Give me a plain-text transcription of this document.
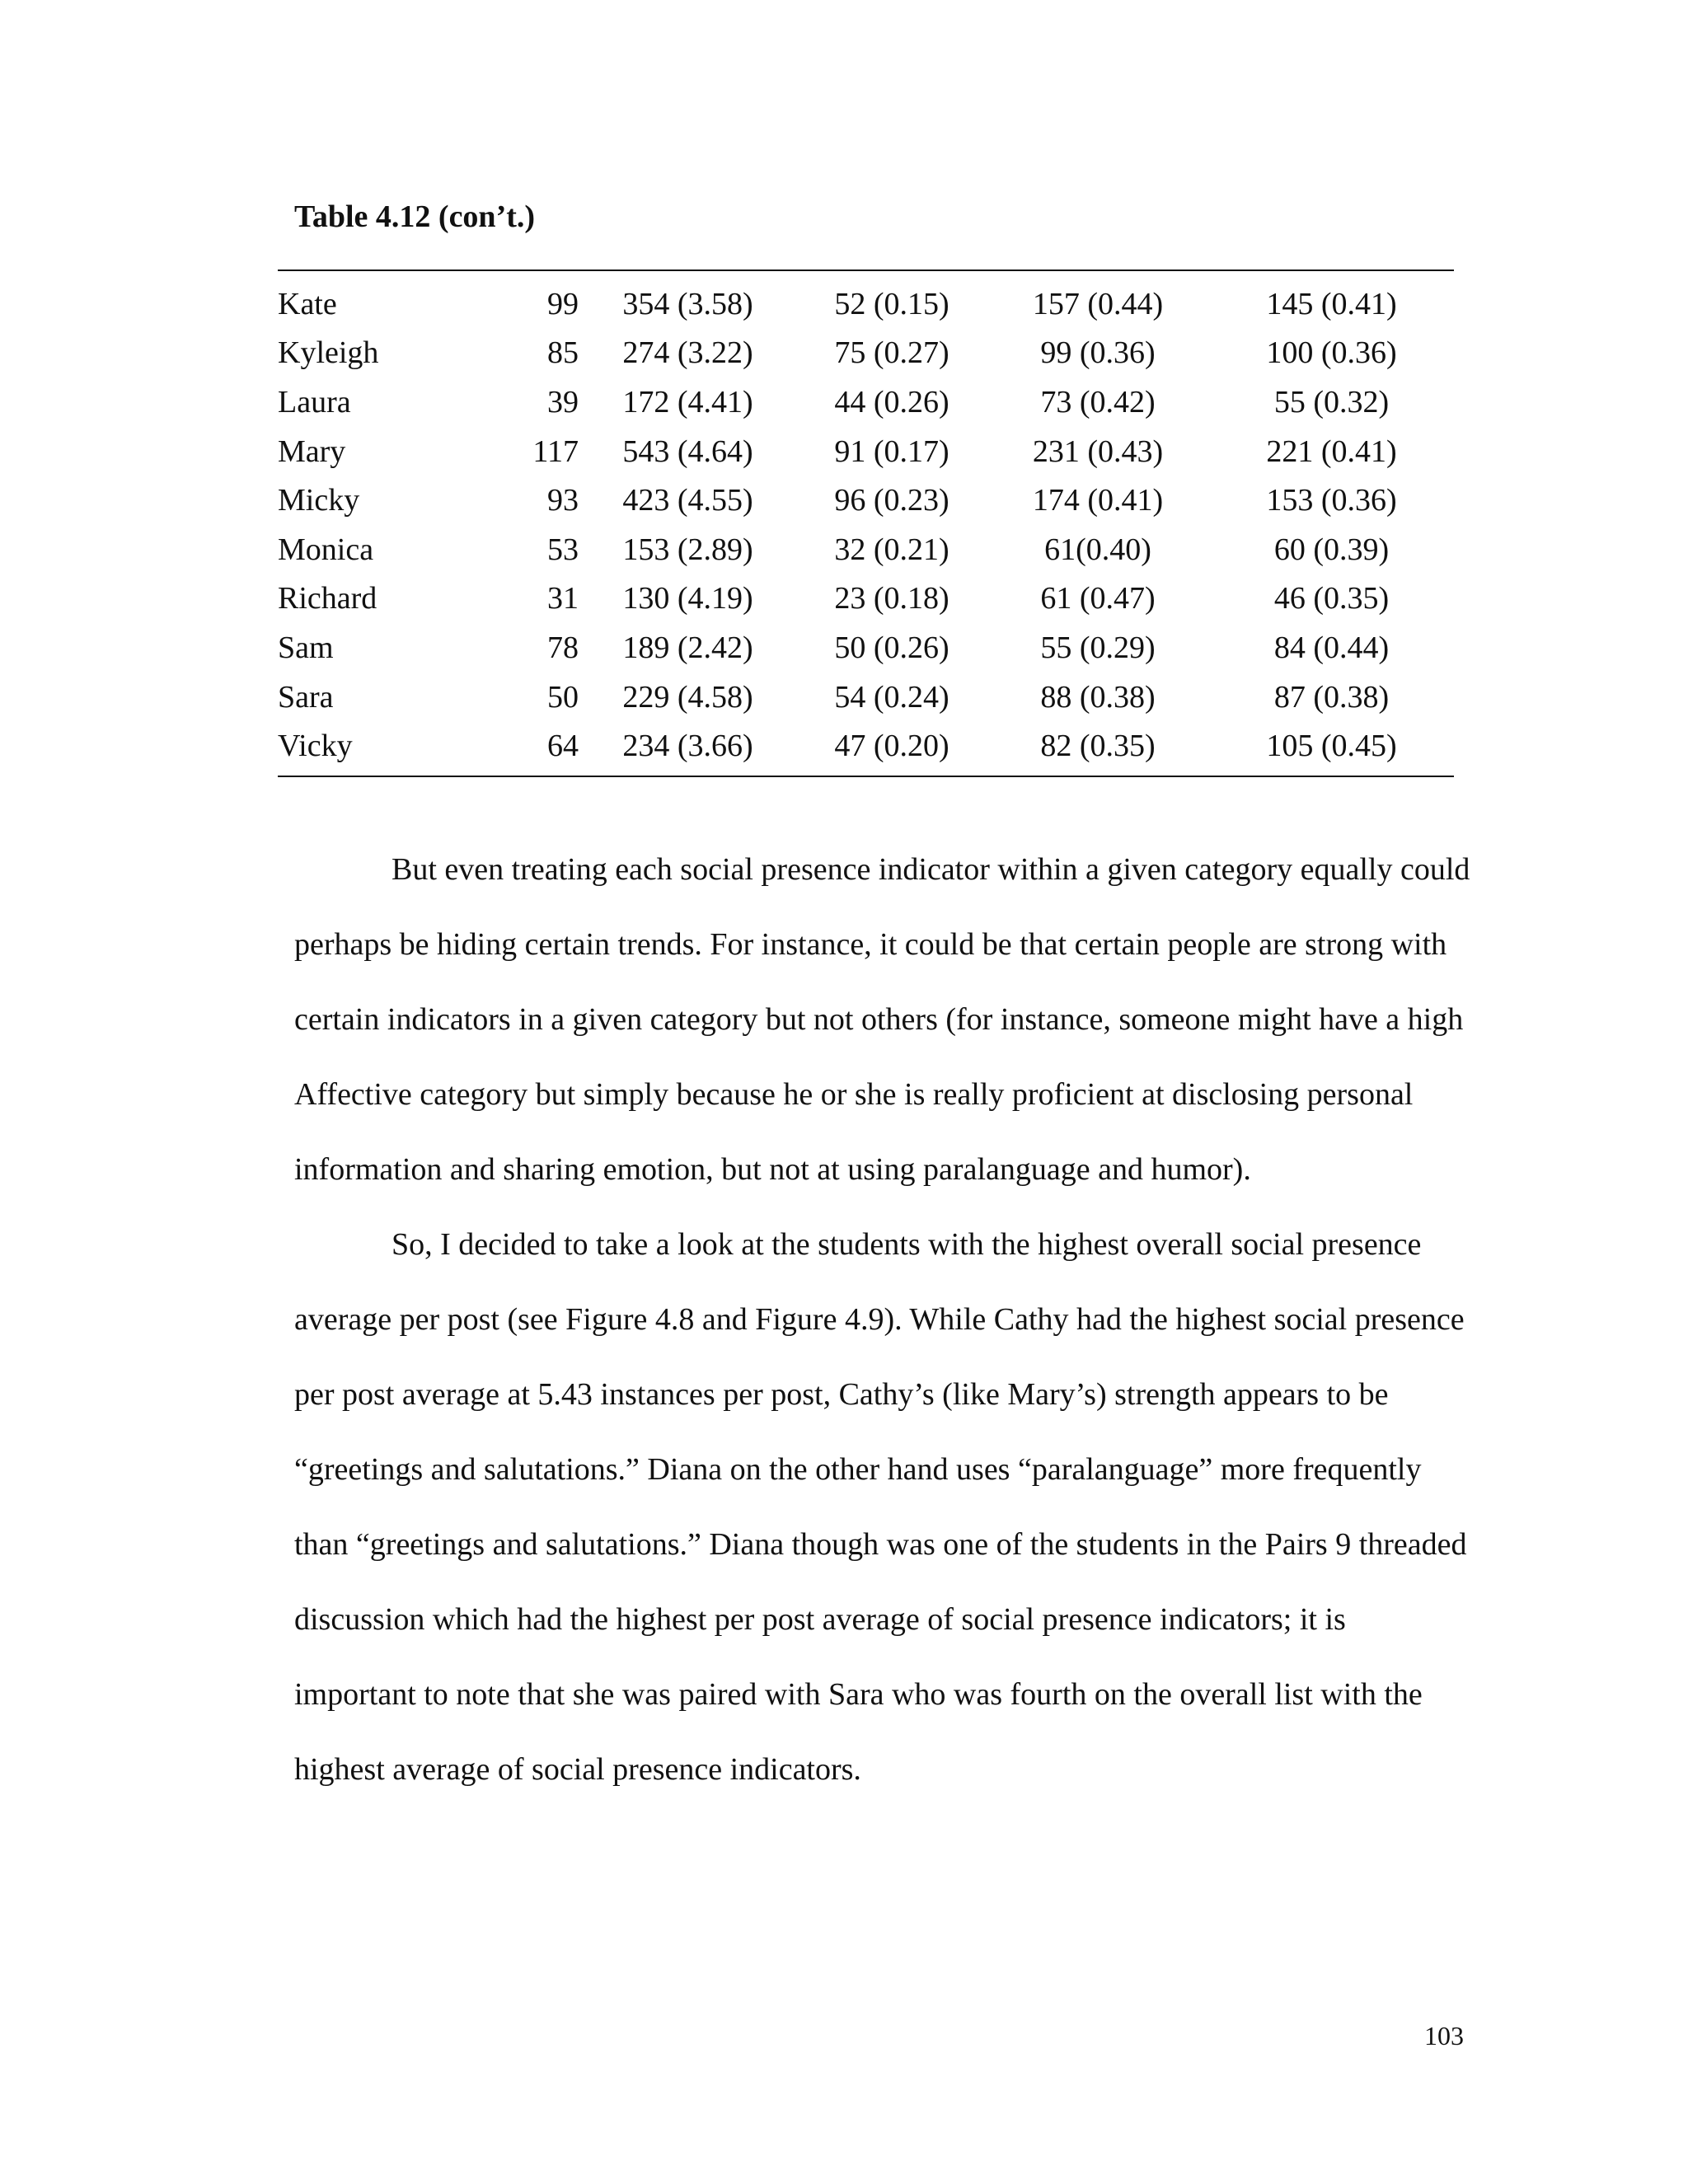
Table 4.12 (con’t.)
Kate	99	354 (3.58)	52 (0.15)	157 (0.44)	145 (0.41)
Kyleigh	85	274 (3.22)	75 (0.27)	99 (0.36)	100 (0.36)
Laura	39	172 (4.41)	44 (0.26)	73 (0.42)	55 (0.32)
Mary	117	543 (4.64)	91 (0.17)	231 (0.43)	221 (0.41)
Micky	93	423 (4.55)	96 (0.23)	174 (0.41)	153 (0.36)
Monica	53	153 (2.89)	32 (0.21)	61(0.40)	60 (0.39)
Richard	31	130 (4.19)	23 (0.18)	61 (0.47)	46 (0.35)
Sam	78	189 (2.42)	50 (0.26)	55 (0.29)	84 (0.44)
Sara	50	229 (4.58)	54 (0.24)	88 (0.38)	87 (0.38)
Vicky	64	234 (3.66)	47 (0.20)	82 (0.35)	105 (0.45)

But even treating each social presence indicator within a given category equally could perhaps be hiding certain trends. For instance, it could be that certain people are strong with certain indicators in a given category but not others (for instance, someone might have a high Affective category but simply because he or she is really proficient at disclosing personal information and sharing emotion, but not at using paralanguage and humor).

So, I decided to take a look at the students with the highest overall social presence average per post (see Figure 4.8 and Figure 4.9). While Cathy had the highest social presence per post average at 5.43 instances per post, Cathy’s (like Mary’s) strength appears to be “greetings and salutations.” Diana on the other hand uses “paralanguage” more frequently than “greetings and salutations.” Diana though was one of the students in the Pairs 9 threaded discussion which had the highest per post average of social presence indicators; it is important to note that she was paired with Sara who was fourth on the overall list with the highest average of social presence indicators.

103
